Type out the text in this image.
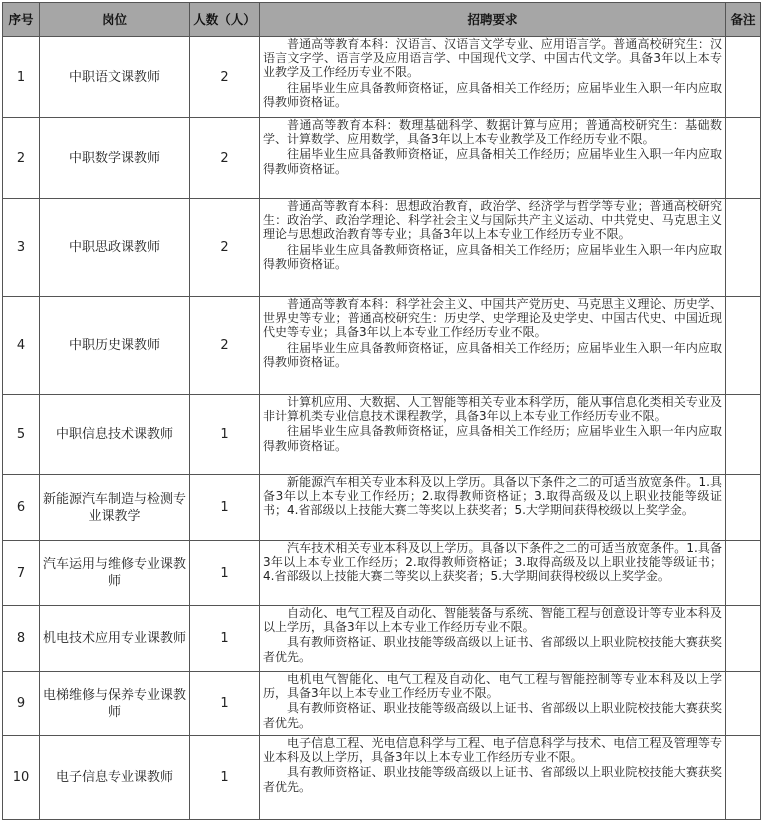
序号	岗位	人数（人）	招聘要求	备注
1	中职语文课教师	2	普通高等教育本科：汉语言、汉语言文学专业、应用语言学。普通高校研究生：汉语言文字学、语言学及应用语言学、中国现代文学、中国古代文学。具备3年以上本专业教学及工作经历专业不限。

往届毕业生应具备教师资格证，应具备相关工作经历；应届毕业生入职一年内应取得教师资格证。	

2	中职数学课教师	2	普通高等教育本科：数理基础科学、数据计算与应用；普通高校研究生：基础数学、计算数学、应用数学，具备3年以上本专业教学及工作经历专业不限。

往届毕业生应具备教师资格证，应具备相关工作经历；应届毕业生入职一年内应取得教师资格证。	

3	中职思政课教师	2	普通高等教育本科：思想政治教育，政治学、经济学与哲学等专业；普通高校研究生：政治学、政治学理论、科学社会主义与国际共产主义运动、中共党史、马克思主义理论与思想政治教育等专业；具备3年以上本专业工作经历专业不限。

往届毕业生应具备教师资格证，应具备相关工作经历；应届毕业生入职一年内应取得教师资格证。	

4	中职历史课教师	2	普通高等教育本科：科学社会主义、中国共产党历史、马克思主义理论、历史学、世界史等专业；普通高校研究生：历史学、史学理论及史学史、中国古代史、中国近现代史等专业；具备3年以上本专业工作经历专业不限。

往届毕业生应具备教师资格证，应具备相关工作经历；应届毕业生入职一年内应取得教师资格证。	

5	中职信息技术课教师	1	计算机应用、大数据、人工智能等相关专业本科学历，能从事信息化类相关专业及非计算机类专业信息技术课程教学，具备3年以上本专业工作经历专业不限。

往届毕业生应具备教师资格证，应具备相关工作经历；应届毕业生入职一年内应取得教师资格证。	

6	新能源汽车制造与检测专业课教学	1	新能源汽车相关专业本科及以上学历。具备以下条件之二的可适当放宽条件。1.具备3年以上本专业工作经历；2.取得教师资格证；3.取得高级及以上职业技能等级证书；4.省部级以上技能大赛二等奖以上获奖者；5.大学期间获得校级以上奖学金。	

7	汽车运用与维修专业课教师	1	汽车技术相关专业本科及以上学历。具备以下条件之二的可适当放宽条件。1.具备3年以上本专业工作经历；2.取得教师资格证；3.取得高级及以上职业技能等级证书；4.省部级以上技能大赛二等奖以上获奖者；5.大学期间获得校级以上奖学金。	

8	机电技术应用专业课教师	1	自动化、电气工程及自动化、智能装备与系统、智能工程与创意设计等专业本科及以上学历，具备3年以上本专业工作经历专业不限。

具有教师资格证、职业技能等级高级以上证书、省部级以上职业院校技能大赛获奖者优先。	

9	电梯维修与保养专业课教师	1	电机电气智能化、电气工程及自动化、电气工程与智能控制等专业本科及以上学历，具备3年以上本专业工作经历专业不限。

具有教师资格证、职业技能等级高级以上证书、省部级以上职业院校技能大赛获奖者优先。	

10	电子信息专业课教师	1	电子信息工程、光电信息科学与工程、电子信息科学与技术、电信工程及管理等专业本科及以上学历，具备3年以上本专业工作经历专业不限。

具有教师资格证、职业技能等级高级以上证书、省部级以上职业院校技能大赛获奖者优先。	
